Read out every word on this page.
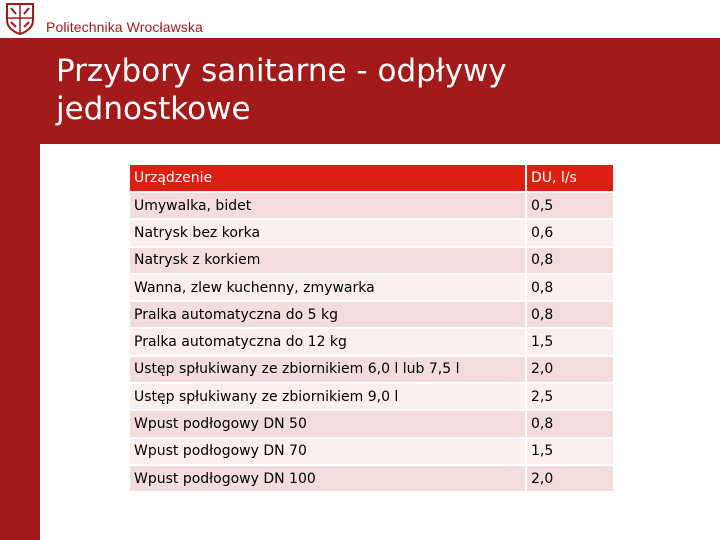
Politechnika Wrocławska
Przybory sanitarne - odpływy
jednostkowe
Urządzenie	DU, l/s
Umywalka, bidet	0,5
Natrysk bez korka	0,6
Natrysk z korkiem	0,8
Wanna, zlew kuchenny, zmywarka	0,8
Pralka automatyczna do 5 kg	0,8
Pralka automatyczna do 12 kg	1,5
Ustęp spłukiwany ze zbiornikiem 6,0 l lub 7,5 l	2,0
Ustęp spłukiwany ze zbiornikiem 9,0 l	2,5
Wpust podłogowy DN 50	0,8
Wpust podłogowy DN 70	1,5
Wpust podłogowy DN 100	2,0
